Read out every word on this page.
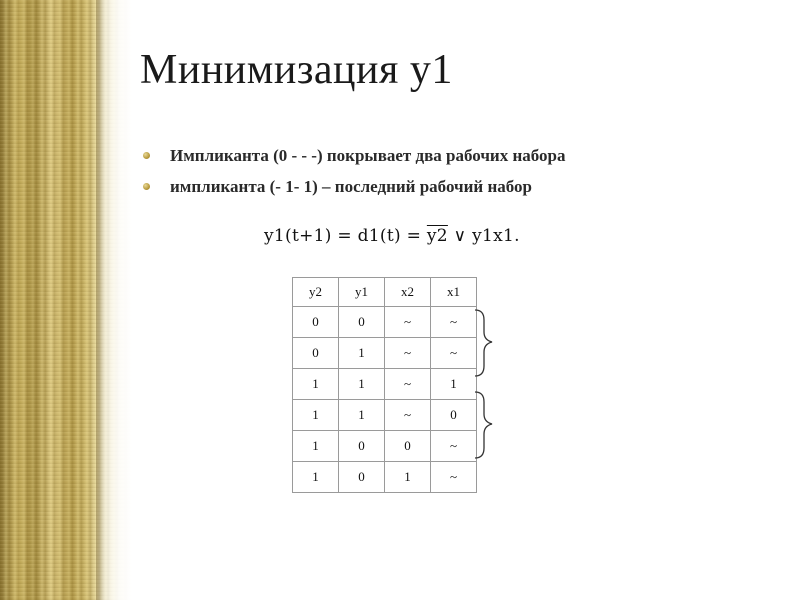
Минимизация y1
Импликанта (0 - - -) покрывает два рабочих набора
импликанта (- 1- 1) – последний рабочий набор
y1(t+1) = d1(t) = y2 ∨ y1x1.
y2	y1	x2	x1
0	0	~	~
0	1	~	~
1	1	~	1
1	1	~	0
1	0	0	~
1	0	1	~
